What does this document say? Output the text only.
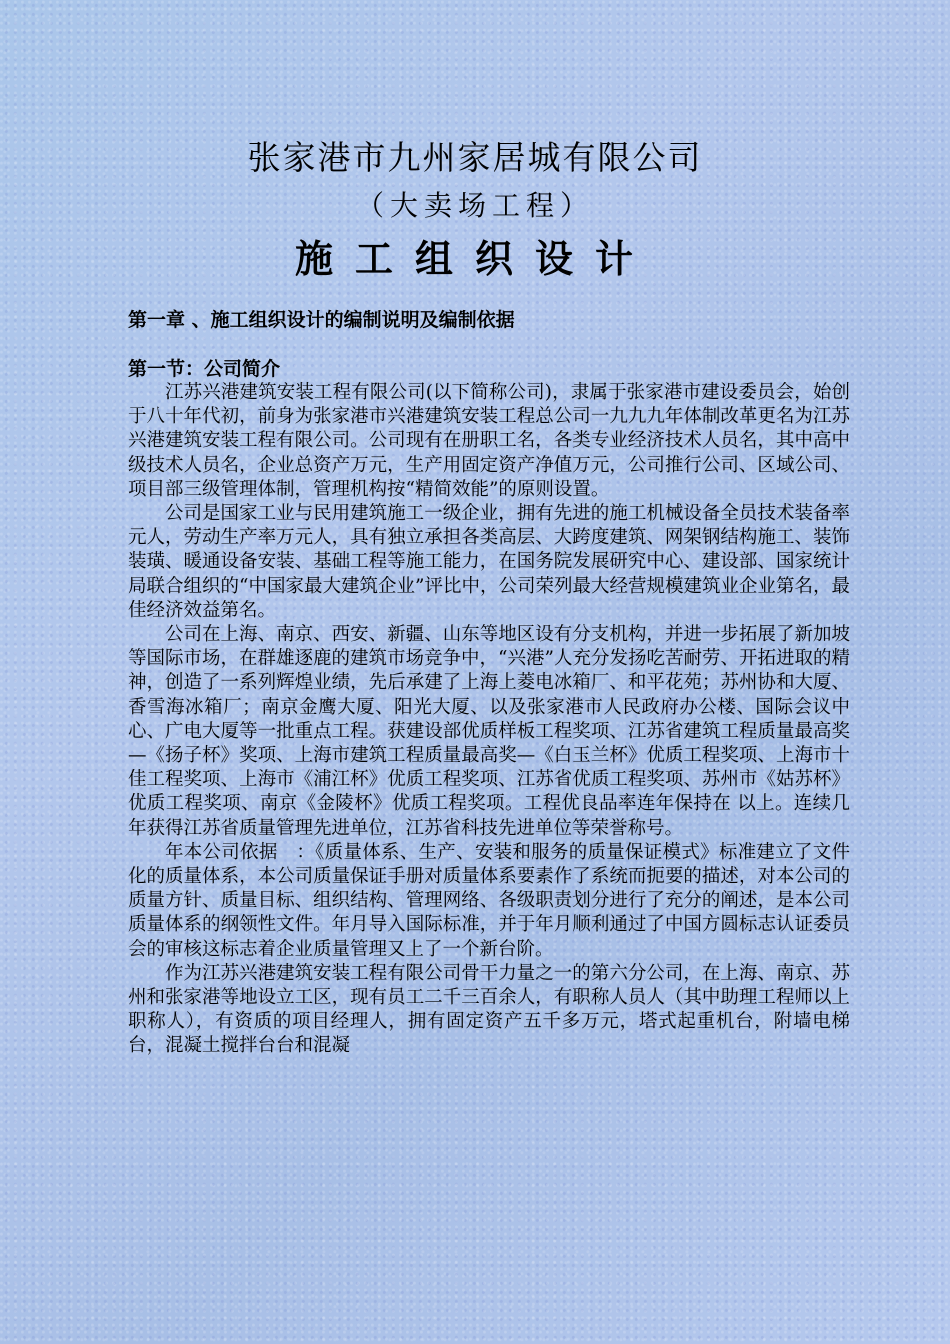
张家港市九州家居城有限公司
（大卖场工程）
施工组织设计
第一章 、施工组织设计的编制说明及编制依据
第一节：公司简介

江苏兴港建筑安装工程有限公司(以下简称公司)，隶属于张家港市建设委员会，始创于八十年代初，前身为张家港市兴港建筑安装工程总公司一九九九年体制改革更名为江苏兴港建筑安装工程有限公司。公司现有在册职工名，各类专业经济技术人员名，其中高中级技术人员名，企业总资产万元，生产用固定资产净值万元，公司推行公司、区域公司、项目部三级管理体制，管理机构按“精简效能”的原则设置。

公司是国家工业与民用建筑施工一级企业，拥有先进的施工机械设备全员技术装备率元人，劳动生产率万元人，具有独立承担各类高层、大跨度建筑、网架钢结构施工、装饰装璜、暖通设备安装、基础工程等施工能力，在国务院发展研究中心、建设部、国家统计局联合组织的“中国家最大建筑企业”评比中，公司荣列最大经营规模建筑业企业第名，最佳经济效益第名。

公司在上海、南京、西安、新疆、山东等地区设有分支机构，并进一步拓展了新加坡等国际市场，在群雄逐鹿的建筑市场竞争中，“兴港”人充分发扬吃苦耐劳、开拓进取的精神，创造了一系列辉煌业绩，先后承建了上海上菱电冰箱厂、和平花苑；苏州协和大厦、香雪海冰箱厂；南京金鹰大厦、阳光大厦、以及张家港市人民政府办公楼、国际会议中心、广电大厦等一批重点工程。获建设部优质样板工程奖项、江苏省建筑工程质量最高奖—《扬子杯》奖项、上海市建筑工程质量最高奖—《白玉兰杯》优质工程奖项、上海市十佳工程奖项、上海市《浦江杯》优质工程奖项、江苏省优质工程奖项、苏州市《姑苏杯》优质工程奖项、南京《金陵杯》优质工程奖项。工程优良品率连年保持在 以上。连续几年获得江苏省质量管理先进单位，江苏省科技先进单位等荣誉称号。

年本公司依据　：《质量体系、生产、安装和服务的质量保证模式》标准建立了文件化的质量体系，本公司质量保证手册对质量体系要素作了系统而扼要的描述，对本公司的质量方针、质量目标、组织结构、管理网络、各级职责划分进行了充分的阐述，是本公司质量体系的纲领性文件。年月导入国际标准，并于年月顺利通过了中国方圆标志认证委员会的审核这标志着企业质量管理又上了一个新台阶。

作为江苏兴港建筑安装工程有限公司骨干力量之一的第六分公司，在上海、南京、苏州和张家港等地设立工区，现有员工二千三百余人，有职称人员人（其中助理工程师以上职称人），有资质的项目经理人，拥有固定资产五千多万元，塔式起重机台，附墙电梯台，混凝土搅拌台台和混凝
